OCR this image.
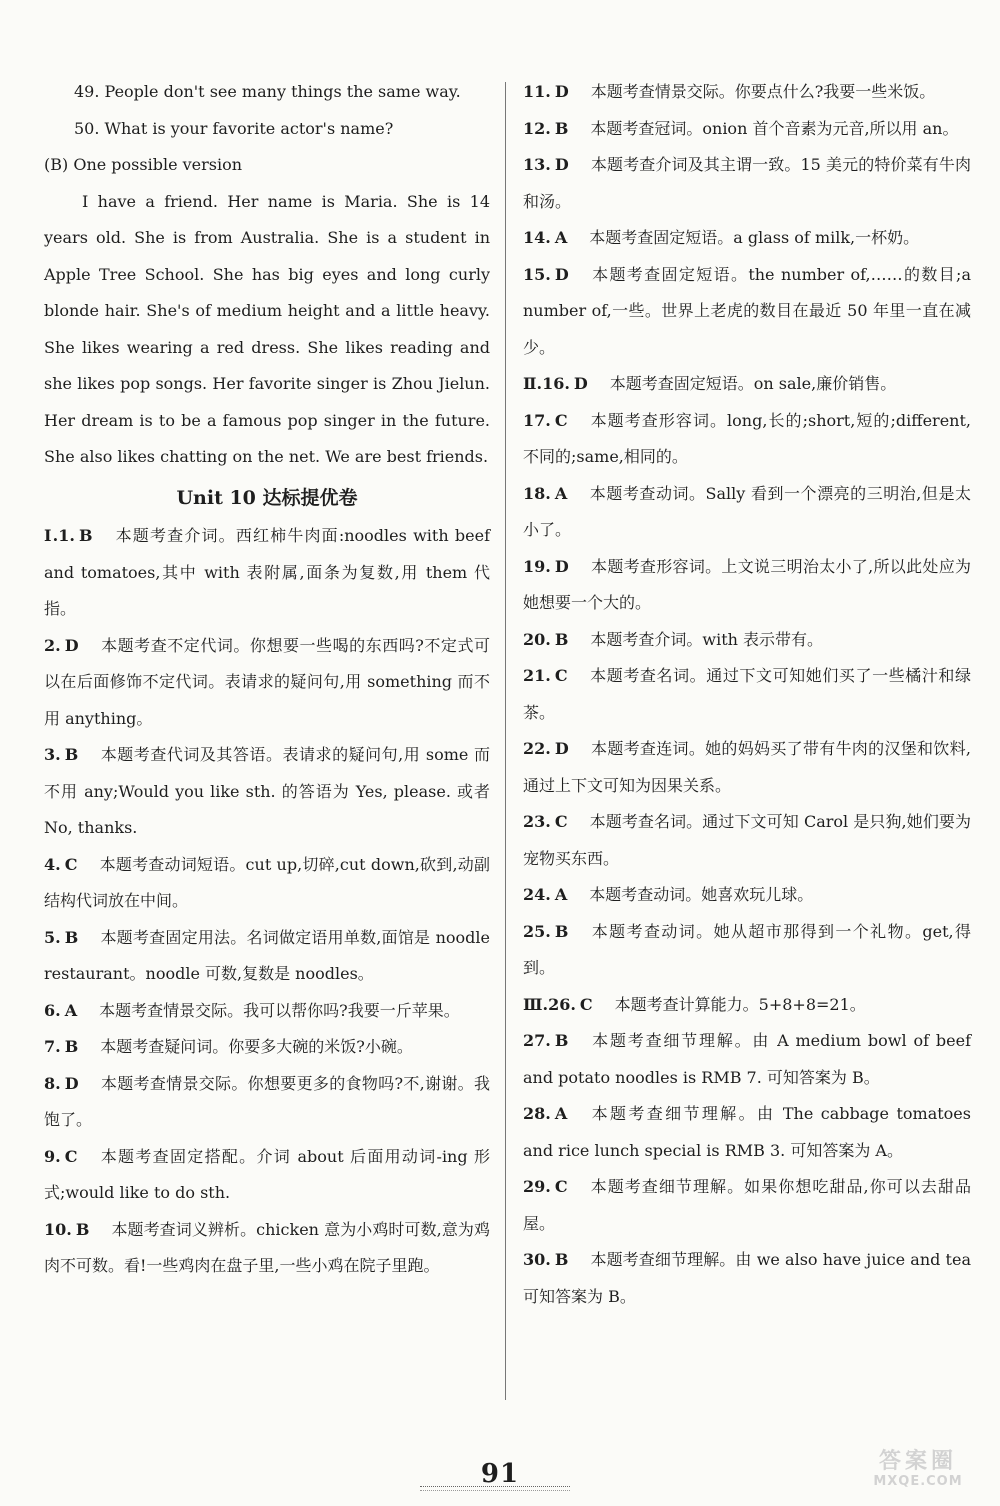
49. People don't see many things the same way.

50. What is your favorite actor's name?

(B) One possible version

I have a friend. Her name is Maria. She is 14 years old. She is from Australia. She is a student in Apple Tree School. She has big eyes and long curly blonde hair. She's of medium height and a little heavy. She likes wearing a red dress. She likes reading and she likes pop songs. Her favorite singer is Zhou Jielun. Her dream is to be a famous pop singer in the future. She also likes chatting on the net. We are best friends.

Unit 10 达标提优卷

Ⅰ.1. B 本题考查介词。西红柿牛肉面:noodles with beef and tomatoes,其中 with 表附属,面条为复数,用 them 代指。

2. D 本题考查不定代词。你想要一些喝的东西吗?不定式可以在后面修饰不定代词。表请求的疑问句,用 something 而不用 anything。

3. B 本题考查代词及其答语。表请求的疑问句,用 some 而不用 any;Would you like sth. 的答语为 Yes, please. 或者 No, thanks.

4. C 本题考查动词短语。cut up,切碎,cut down,砍到,动副结构代词放在中间。

5. B 本题考查固定用法。名词做定语用单数,面馆是 noodle restaurant。noodle 可数,复数是 noodles。

6. A 本题考查情景交际。我可以帮你吗?我要一斤苹果。

7. B 本题考查疑问词。你要多大碗的米饭?小碗。

8. D 本题考查情景交际。你想要更多的食物吗?不,谢谢。我饱了。

9. C 本题考查固定搭配。介词 about 后面用动词-ing 形式;would like to do sth.

10. B 本题考查词义辨析。chicken 意为小鸡时可数,意为鸡肉不可数。看!一些鸡肉在盘子里,一些小鸡在院子里跑。

11. D 本题考查情景交际。你要点什么?我要一些米饭。

12. B 本题考查冠词。onion 首个音素为元音,所以用 an。

13. D 本题考查介词及其主谓一致。15 美元的特价菜有牛肉和汤。

14. A 本题考查固定短语。a glass of milk,一杯奶。

15. D 本题考查固定短语。the number of,……的数目;a number of,一些。世界上老虎的数目在最近 50 年里一直在减少。

Ⅱ.16. D 本题考查固定短语。on sale,廉价销售。

17. C 本题考查形容词。long,长的;short,短的;different,不同的;same,相同的。

18. A 本题考查动词。Sally 看到一个漂亮的三明治,但是太小了。

19. D 本题考查形容词。上文说三明治太小了,所以此处应为她想要一个大的。

20. B 本题考查介词。with 表示带有。

21. C 本题考查名词。通过下文可知她们买了一些橘汁和绿茶。

22. D 本题考查连词。她的妈妈买了带有牛肉的汉堡和饮料,通过上下文可知为因果关系。

23. C 本题考查名词。通过下文可知 Carol 是只狗,她们要为宠物买东西。

24. A 本题考查动词。她喜欢玩儿球。

25. B 本题考查动词。她从超市那得到一个礼物。get,得到。

Ⅲ.26. C 本题考查计算能力。5+8+8=21。

27. B 本题考查细节理解。由 A medium bowl of beef and potato noodles is RMB 7. 可知答案为 B。

28. A 本题考查细节理解。由 The cabbage tomatoes and rice lunch special is RMB 3. 可知答案为 A。

29. C 本题考查细节理解。如果你想吃甜品,你可以去甜品屋。

30. B 本题考查细节理解。由 we also have juice and tea 可知答案为 B。

91	答案圈
MXQE.COM
